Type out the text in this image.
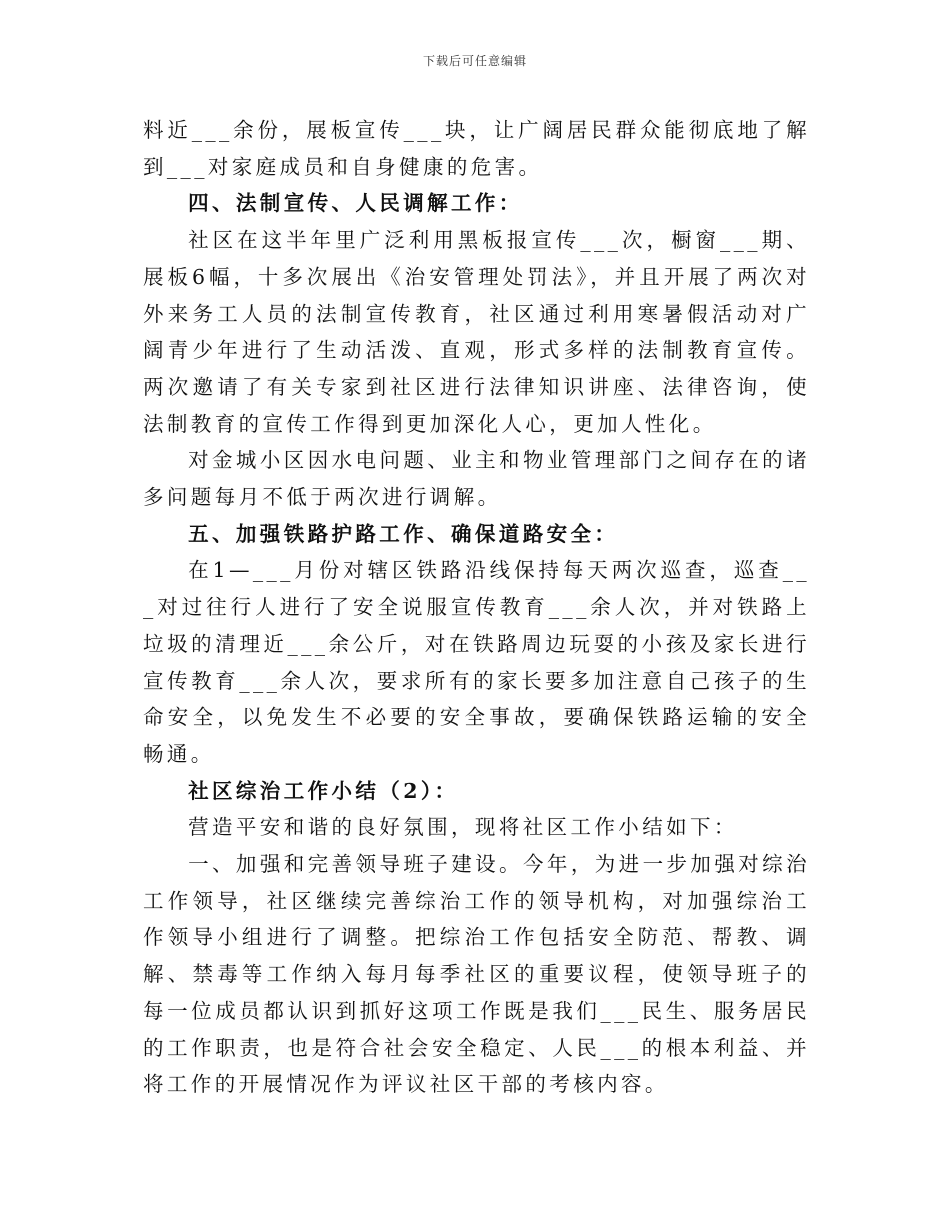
下载后可任意编辑

料近___余份，展板宣传___块，让广阔居民群众能彻底地了解到___对家庭成员和自身健康的危害。

四、法制宣传、人民调解工作：

社区在这半年里广泛利用黑板报宣传___次，橱窗___期、展板6幅，十多次展出《治安管理处罚法》，并且开展了两次对外来务工人员的法制宣传教育，社区通过利用寒暑假活动对广阔青少年进行了生动活泼、直观，形式多样的法制教育宣传。两次邀请了有关专家到社区进行法律知识讲座、法律咨询，使法制教育的宣传工作得到更加深化人心，更加人性化。

对金城小区因水电问题、业主和物业管理部门之间存在的诸多问题每月不低于两次进行调解。

五、加强铁路护路工作、确保道路安全：

在1—___月份对辖区铁路沿线保持每天两次巡查，巡查___对过往行人进行了安全说服宣传教育___余人次，并对铁路上垃圾的清理近___余公斤，对在铁路周边玩耍的小孩及家长进行宣传教育___余人次，要求所有的家长要多加注意自己孩子的生命安全，以免发生不必要的安全事故，要确保铁路运输的安全畅通。

社区综治工作小结（2）：

营造平安和谐的良好氛围，现将社区工作小结如下：

一、加强和完善领导班子建设。今年，为进一步加强对综治工作领导，社区继续完善综治工作的领导机构，对加强综治工作领导小组进行了调整。把综治工作包括安全防范、帮教、调解、禁毒等工作纳入每月每季社区的重要议程，使领导班子的每一位成员都认识到抓好这项工作既是我们___民生、服务居民的工作职责，也是符合社会安全稳定、人民___的根本利益、并将工作的开展情况作为评议社区干部的考核内容。
